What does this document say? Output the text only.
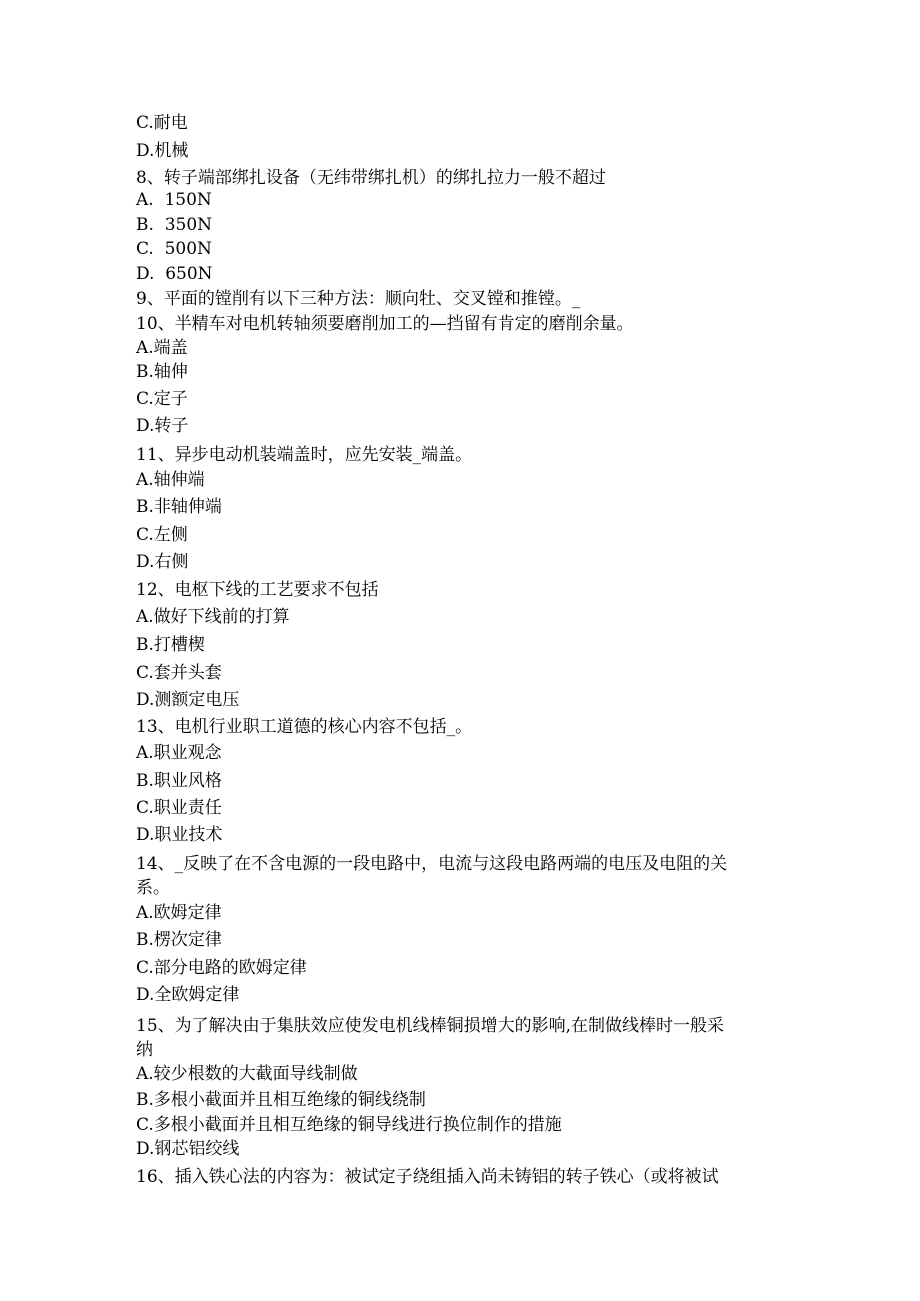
C.耐电
D.机械
8、转子端部绑扎设备（无纬带绑扎机）的绑扎拉力一般不超过
A.  150N
B.  350N
C.  500N
D.  650N
9、平面的镗削有以下三种方法：顺向牡、交叉镗和推镗。_
10、半精车对电机转轴须要磨削加工的—挡留有肯定的磨削余量。
A.端盖
B.轴伸
C.定子
D.转子
11、异步电动机装端盖时，应先安装_端盖。
A.轴伸端
B.非轴伸端
C.左侧
D.右侧
12、电枢下线的工艺要求不包括
A.做好下线前的打算
B.打槽楔
C.套并头套
D.测额定电压
13、电机行业职工道德的核心内容不包括_。
A.职业观念
B.职业风格
C.职业责任
D.职业技术
14、_反映了在不含电源的一段电路中，电流与这段电路两端的电压及电阻的关
系。
A.欧姆定律
B.楞次定律
C.部分电路的欧姆定律
D.全欧姆定律
15、为了解决由于集肤效应使发电机线棒铜损增大的影响,在制做线棒时一般采
纳
A.较少根数的大截面导线制做
B.多根小截面并且相互绝缘的铜线绕制
C.多根小截面并且相互绝缘的铜导线进行换位制作的措施
D.钢芯铝绞线
16、插入铁心法的内容为：被试定子绕组插入尚未铸铝的转子铁心（或将被试
